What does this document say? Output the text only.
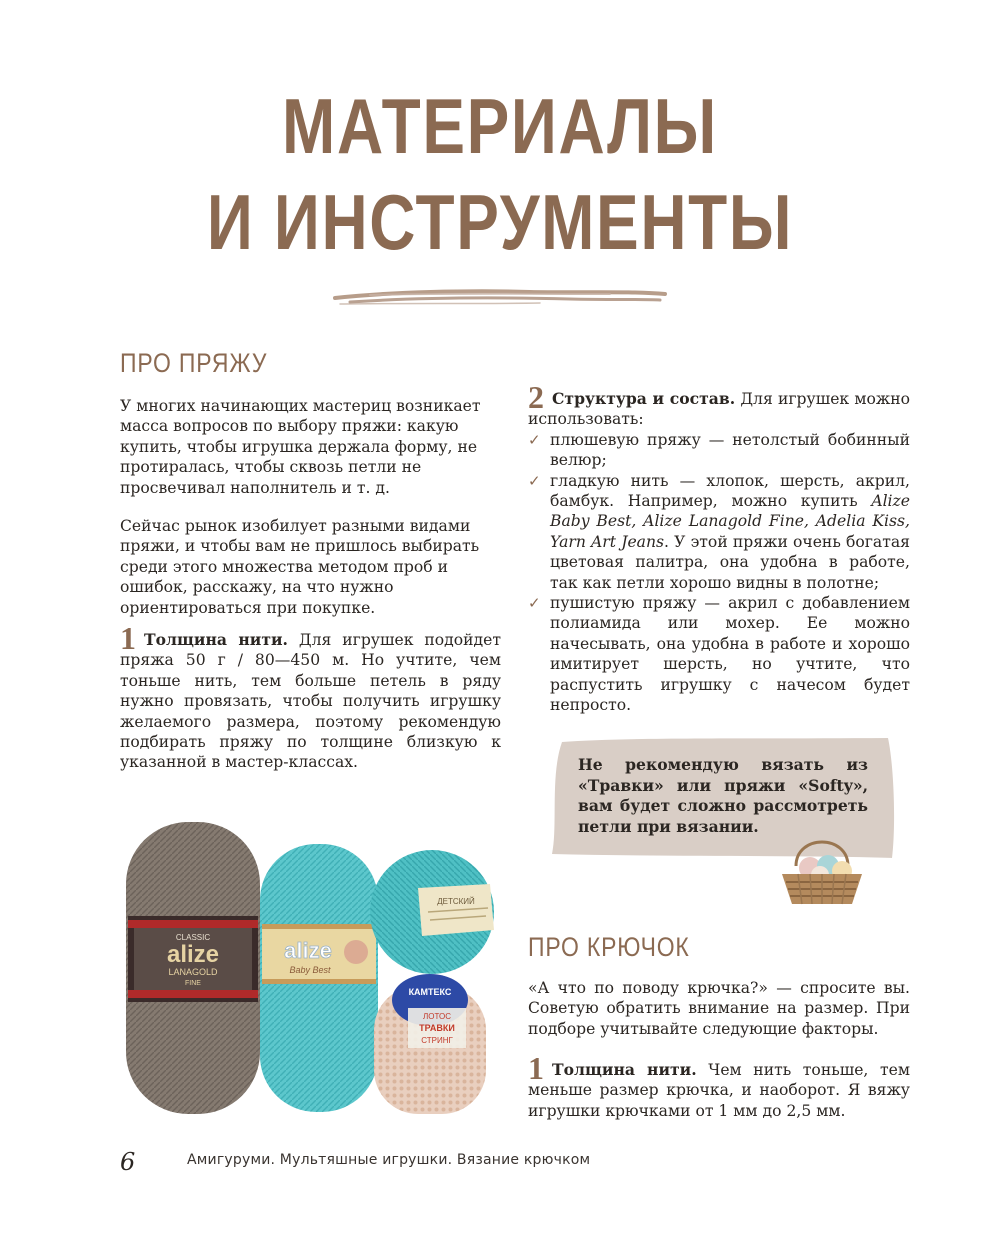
МАТЕРИАЛЫ
И ИНСТРУМЕНТЫ
ПРО ПРЯЖУ
У многих начинающих мастериц возникает масса вопросов по выбору пряжи: какую купить, чтобы игрушка держала форму, не протиралась, чтобы сквозь петли не просвечивал наполнитель и т. д.
Сейчас рынок изобилует разными видами пряжи, и чтобы вам не пришлось выбирать среди этого множества методом проб и ошибок, расскажу, на что нужно ориентироваться при покупке.
1 Толщина нити. Для игрушек подойдет пряжа 50 г / 80—450 м. Но учтите, чем тоньше нить, тем больше петель в ряду нужно провязать, чтобы получить игрушку желаемого размера, поэтому рекомендую подбирать пряжу по толщине близкую к указанной в мастер-классах.
2 Структура и состав. Для игрушек можно использовать:
✓ плюшевую пряжу — нетолстый бобинный велюр;
✓ гладкую нить — хлопок, шерсть, акрил, бамбук. Например, можно купить Alize Baby Best, Alize Lanagold Fine, Adelia Kiss, Yarn Art Jeans. У этой пряжи очень богатая цветовая палитра, она удобна в работе, так как петли хорошо видны в полотне;
✓ пушистую пряжу — акрил с добавлением полиамида или мохер. Ее можно начесывать, она удобна в работе и хорошо имитирует шерсть, но учтите, что распустить игрушку с начесом будет непросто.
Не рекомендую вязать из «Травки» или пряжи «Softy», вам будет сложно рассмотреть петли при вязании.
ПРО КРЮЧОК
«А что по поводу крючка?» — спросите вы. Советую обратить внимание на размер. При подборе учитывайте следующие факторы.
1 Толщина нити. Чем нить тоньше, тем меньше размер крючка, и наоборот. Я вяжу игрушки крючками от 1 мм до 2,5 мм.
CLASSIC
alize
LANAGOLD
FINE
alize
Baby Best
ДЕТСКИЙ
КАМТЕКС
ЛОТОС
ТРАВКИ
СТРИНГ
6	Амигуруми. Мультяшные игрушки. Вязание крючком
